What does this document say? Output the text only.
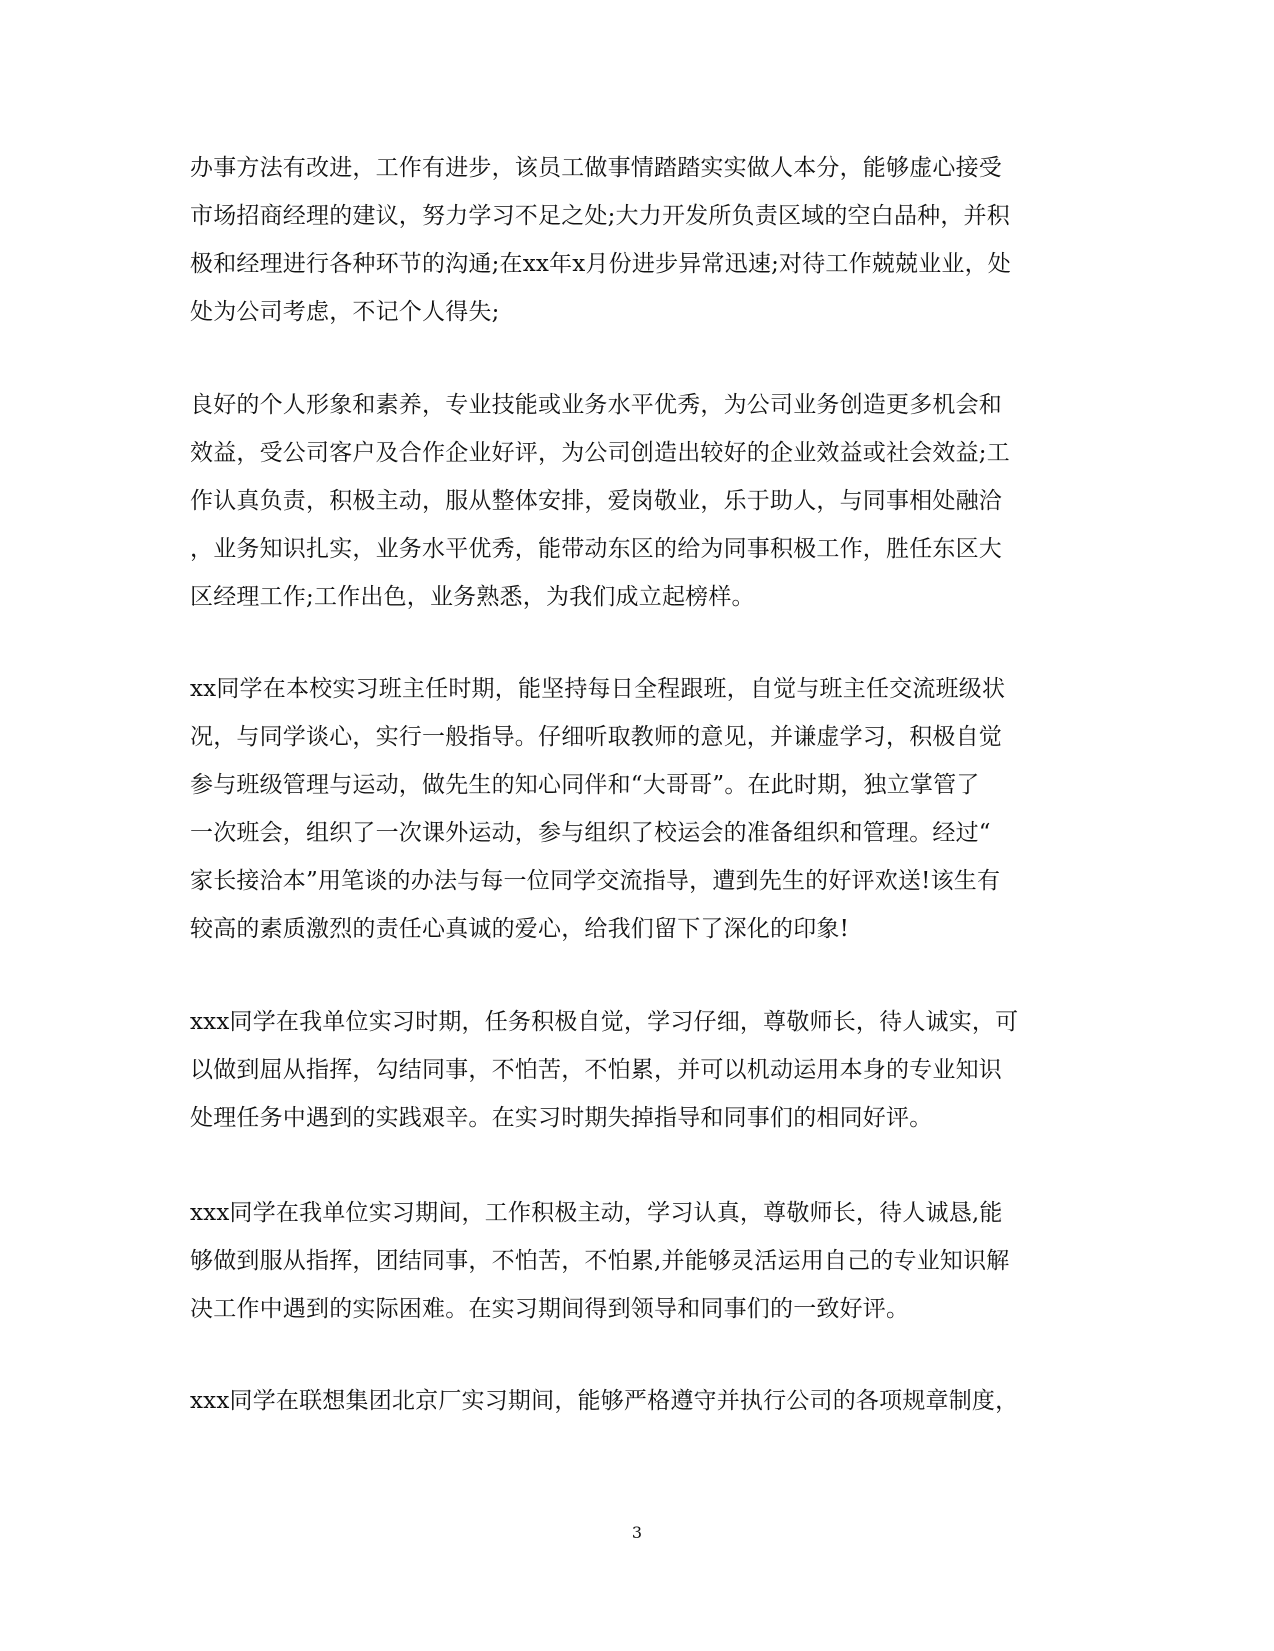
办事方法有改进，工作有进步，该员工做事情踏踏实实做人本分，能够虚心接受
市场招商经理的建议，努力学习不足之处;大力开发所负责区域的空白品种，并积
极和经理进行各种环节的沟通;在xx年x月份进步异常迅速;对待工作兢兢业业，处
处为公司考虑，不记个人得失;
良好的个人形象和素养，专业技能或业务水平优秀，为公司业务创造更多机会和
效益，受公司客户及合作企业好评，为公司创造出较好的企业效益或社会效益;工
作认真负责，积极主动，服从整体安排，爱岗敬业，乐于助人，与同事相处融洽
，业务知识扎实，业务水平优秀，能带动东区的给为同事积极工作，胜任东区大
区经理工作;工作出色，业务熟悉，为我们成立起榜样。
xx同学在本校实习班主任时期，能坚持每日全程跟班，自觉与班主任交流班级状
况，与同学谈心，实行一般指导。仔细听取教师的意见，并谦虚学习，积极自觉
参与班级管理与运动，做先生的知心同伴和“大哥哥”。在此时期，独立掌管了
一次班会，组织了一次课外运动，参与组织了校运会的准备组织和管理。经过“
家长接洽本”用笔谈的办法与每一位同学交流指导，遭到先生的好评欢送!该生有
较高的素质激烈的责任心真诚的爱心，给我们留下了深化的印象!
xxx同学在我单位实习时期，任务积极自觉，学习仔细，尊敬师长，待人诚实，可
以做到屈从指挥，勾结同事，不怕苦，不怕累，并可以机动运用本身的专业知识
处理任务中遇到的实践艰辛。在实习时期失掉指导和同事们的相同好评。
xxx同学在我单位实习期间，工作积极主动，学习认真，尊敬师长，待人诚恳,能
够做到服从指挥，团结同事，不怕苦，不怕累,并能够灵活运用自己的专业知识解
决工作中遇到的实际困难。在实习期间得到领导和同事们的一致好评。
xxx同学在联想集团北京厂实习期间，能够严格遵守并执行公司的各项规章制度，
3
